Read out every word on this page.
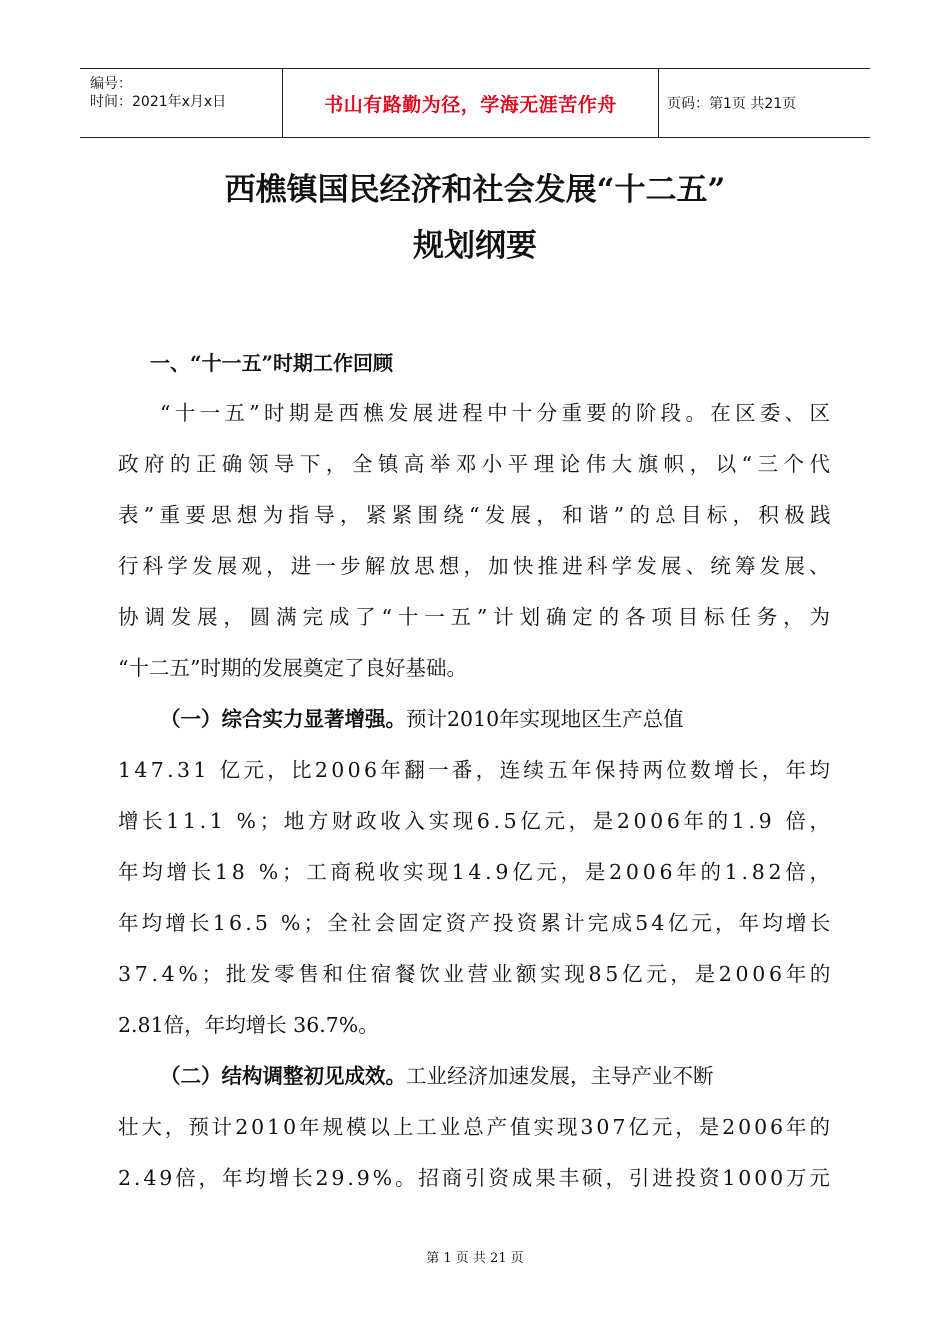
编号：
时间：2021年x月x日	书山有路勤为径，学海无涯苦作舟	页码：第1页 共21页
西樵镇国民经济和社会发展“十二五”
规划纲要
一、“十一五”时期工作回顾
“十一五”时期是西樵发展进程中十分重要的阶段。在区委、区
政府的正确领导下，全镇高举邓小平理论伟大旗帜，以“三个代
表”重要思想为指导，紧紧围绕“发展，和谐”的总目标，积极践
行科学发展观，进一步解放思想，加快推进科学发展、统筹发展、
协调发展，圆满完成了“十一五”计划确定的各项目标任务，为
“十二五”时期的发展奠定了良好基础。
（一）综合实力显著增强。预计2010年实现地区生产总值
147.31 亿元，比2006年翻一番，连续五年保持两位数增长，年均
增长11.1 %；地方财政收入实现6.5亿元，是2006年的1.9 倍，
年均增长18 %；工商税收实现14.9亿元，是2006年的1.82倍，
年均增长16.5 %；全社会固定资产投资累计完成54亿元，年均增长
37.4%；批发零售和住宿餐饮业营业额实现85亿元，是2006年的
2.81倍，年均增长 36.7%。
（二）结构调整初见成效。工业经济加速发展，主导产业不断
壮大，预计2010年规模以上工业总产值实现307亿元，是2006年的
2.49倍，年均增长29.9%。招商引资成果丰硕，引进投资1000万元
第 1 页 共 21 页
